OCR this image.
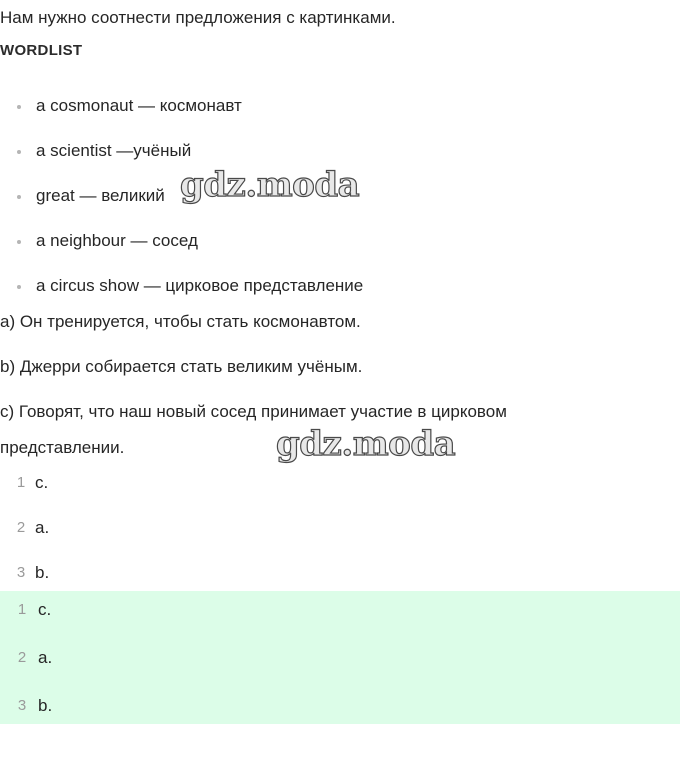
Нам нужно соотнести предложения с картинками.
WORDLIST
a cosmonaut — космонавт
a scientist —учёный
great — великий
a neighbour — сосед
a circus show — цирковое представление
gdz.moda
a) Он тренируется, чтобы стать космонавтом.
b) Джерри собирается стать великим учёным.
c) Говорят, что наш новый сосед принимает участие в цирковом
представлении.	gdz.moda
1 c.
2 a.
3 b.
1 c.
2 a.
3 b.
